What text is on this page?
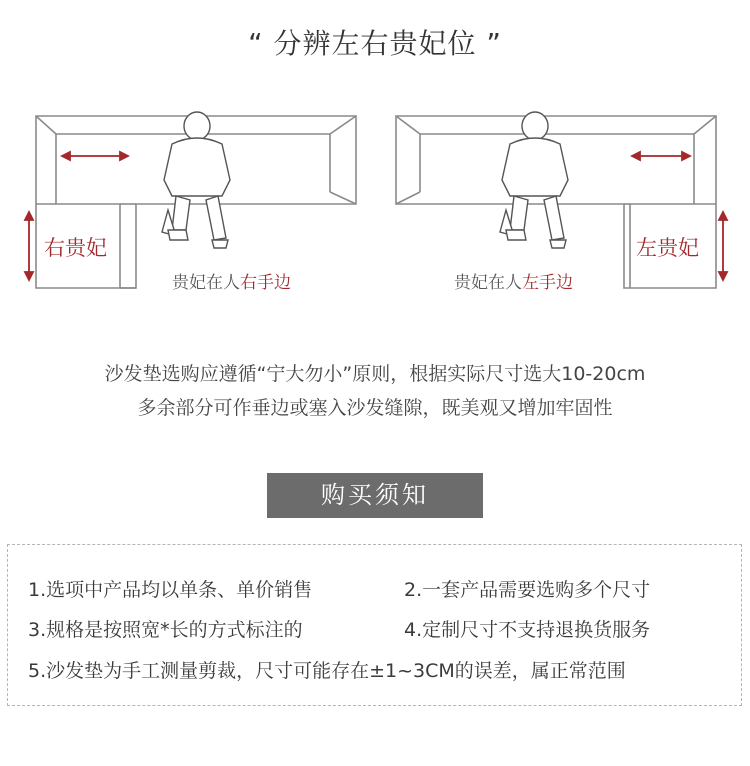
“ 分辨左右贵妃位 ”
右贵妃
贵妃在人右手边
左贵妃
贵妃在人左手边
沙发垫选购应遵循“宁大勿小”原则，根据实际尺寸选大10-20cm
多余部分可作垂边或塞入沙发缝隙，既美观又增加牢固性
购买须知
1.选项中产品均以单条、单价销售	2.一套产品需要选购多个尺寸
3.规格是按照宽*长的方式标注的	4.定制尺寸不支持退换货服务
5.沙发垫为手工测量剪裁，尺寸可能存在±1~3CM的误差，属正常范围
